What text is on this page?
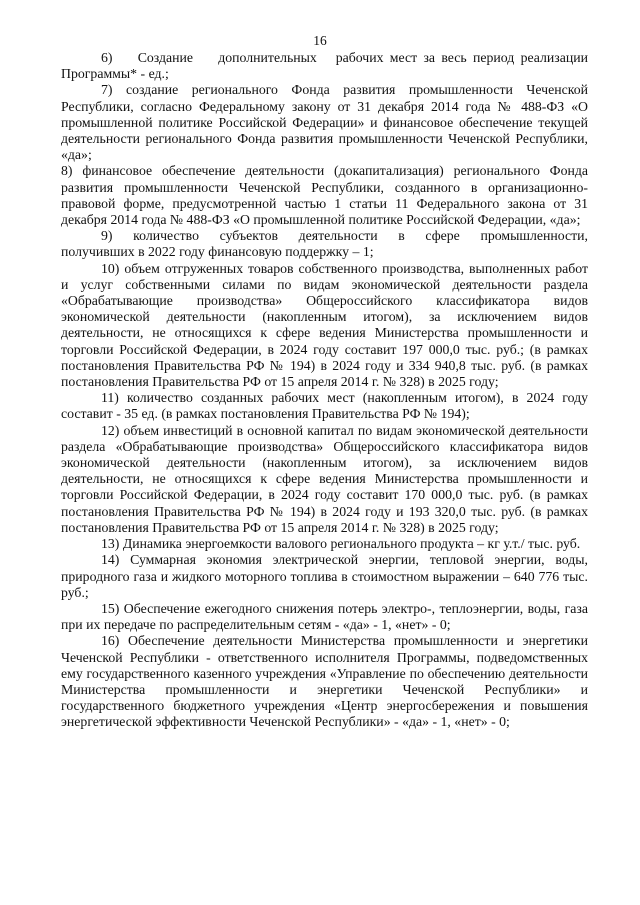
16

6)    Создание    дополнительных   рабочих мест за весь период реализации Программы* - ед.;

7) создание регионального Фонда развития промышленности Чеченской Республики, согласно Федеральному закону от 31 декабря 2014 года № 488-ФЗ «О промышленной политике Российской Федерации» и финансовое обеспечение текущей деятельности регионального Фонда развития промышленности Чеченской Республики, «да»;

8) финансовое обеспечение деятельности (докапитализация) регионального Фонда развития промышленности Чеченской Республики, созданного в организационно-правовой форме, предусмотренной частью 1 статьи 11 Федерального закона от 31 декабря 2014 года № 488-ФЗ «О промышленной политике Российской Федерации, «да»;

9)   количество   субъектов   деятельности   в   сфере   промышленности, получивших в 2022 году финансовую поддержку – 1;

10) объем отгруженных товаров собственного производства, выполненных работ и услуг собственными силами по видам экономической деятельности раздела «Обрабатывающие производства» Общероссийского классификатора видов экономической деятельности (накопленным итогом), за исключением видов деятельности, не относящихся к сфере ведения Министерства промышленности и торговли Российской Федерации, в 2024 году составит 197 000,0 тыс. руб.; (в рамках постановления Правительства РФ № 194) в 2024 году и 334 940,8 тыс. руб. (в рамках постановления Правительства РФ от 15 апреля 2014 г. № 328) в 2025 году;

11) количество созданных рабочих мест (накопленным итогом), в 2024 году составит - 35 ед. (в рамках постановления Правительства РФ № 194);

12) объем инвестиций в основной капитал по видам экономической деятельности раздела «Обрабатывающие производства» Общероссийского классификатора видов экономической деятельности (накопленным итогом), за исключением видов деятельности, не относящихся к сфере ведения Министерства промышленности и торговли Российской Федерации, в 2024 году составит 170 000,0 тыс. руб. (в рамках постановления Правительства РФ № 194) в 2024 году и 193 320,0 тыс. руб. (в рамках постановления Правительства РФ от 15 апреля 2014 г. № 328) в 2025 году;

13) Динамика энергоемкости валового регионального продукта – кг у.т./ тыс. руб.

14) Суммарная экономия электрической энергии, тепловой энергии, воды, природного газа и жидкого моторного топлива в стоимостном выражении – 640 776 тыс. руб.;

15) Обеспечение ежегодного снижения потерь электро-, теплоэнергии, воды, газа при их передаче по распределительным сетям - «да» - 1, «нет» - 0;

16) Обеспечение деятельности Министерства промышленности и энергетики Чеченской Республики - ответственного исполнителя Программы, подведомственных ему государственного казенного учреждения «Управление по обеспечению деятельности Министерства промышленности и энергетики Чеченской Республики» и государственного бюджетного учреждения «Центр энергосбережения и повышения энергетической эффективности Чеченской Республики» - «да» - 1, «нет» - 0;
